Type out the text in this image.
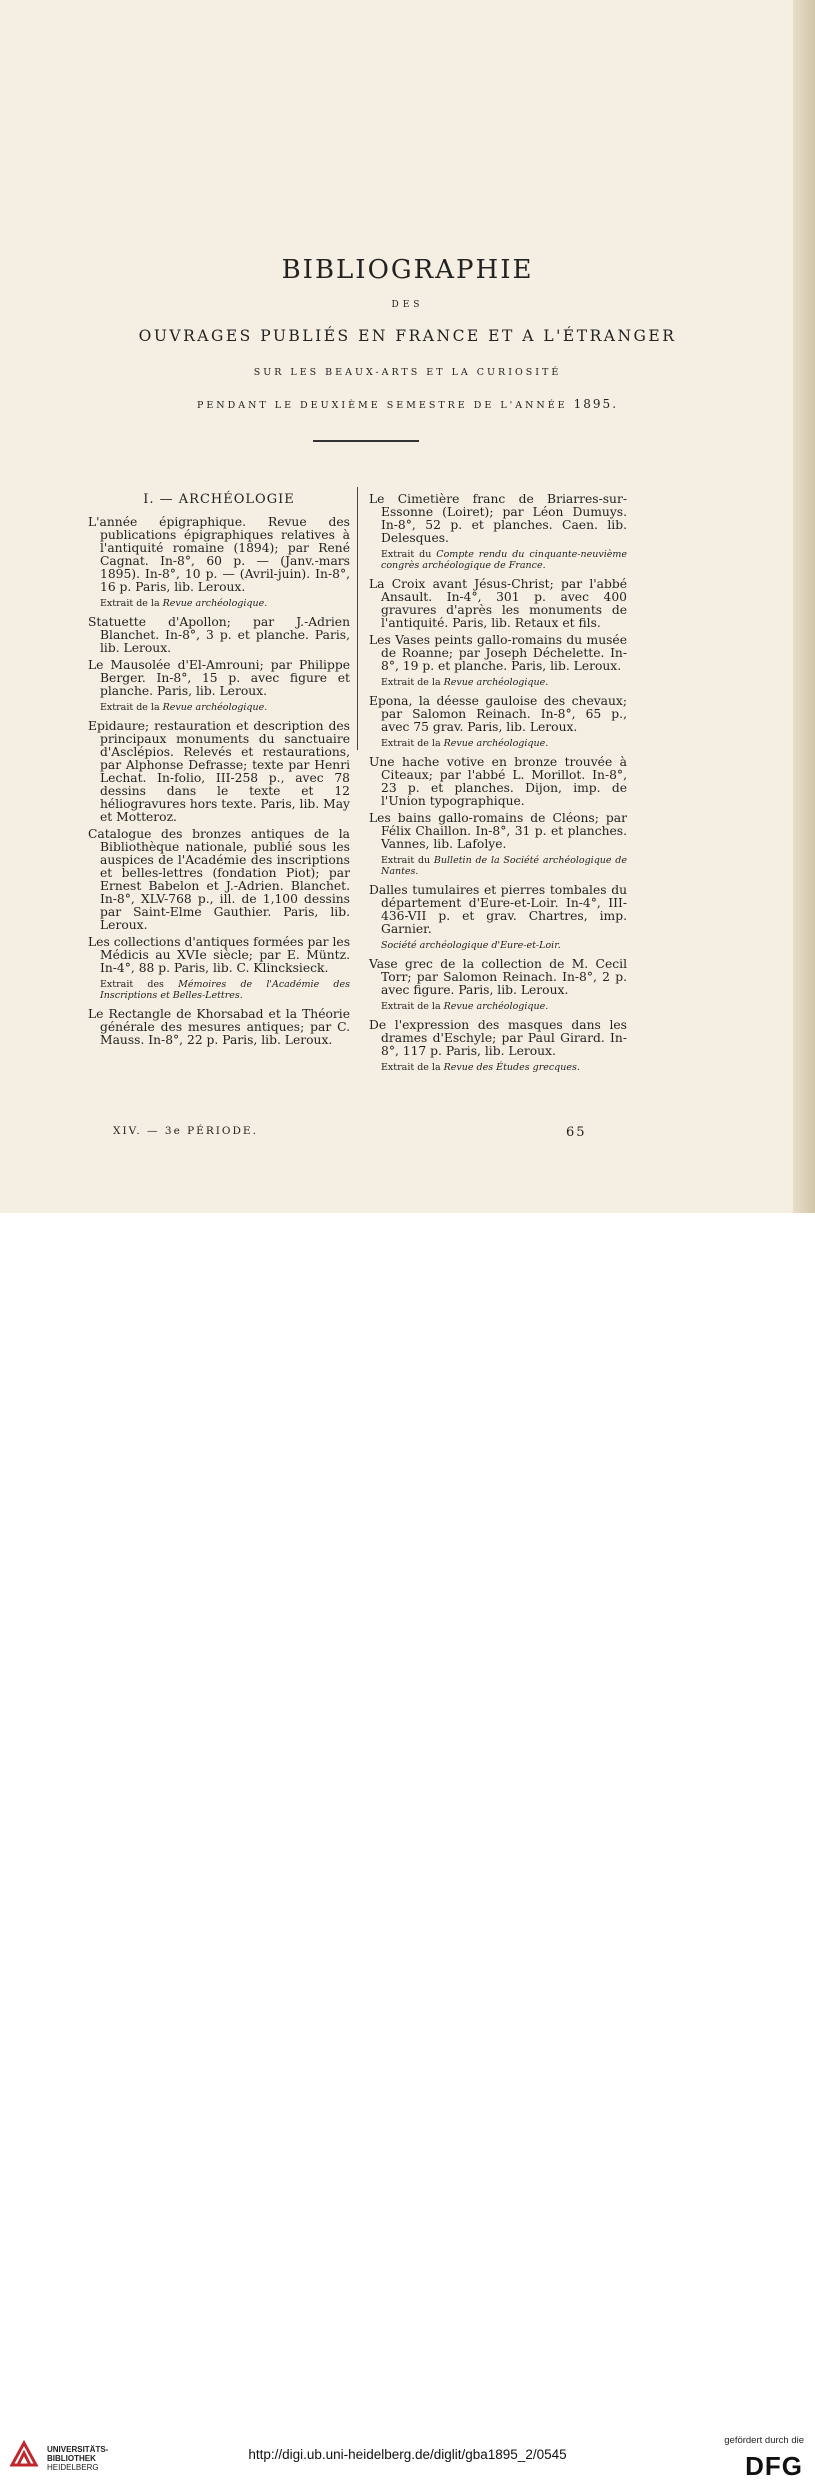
BIBLIOGRAPHIE

DES

OUVRAGES PUBLIÉS EN FRANCE ET A L'ÉTRANGER

SUR LES BEAUX-ARTS ET LA CURIOSITÉ

PENDANT LE DEUXIÈME SEMESTRE DE L'ANNÉE 1895.

I. — ARCHÉOLOGIE

L'année épigraphique. Revue des publications épigraphiques relatives à l'antiquité romaine (1894); par René Cagnat. In-8°, 60 p. — (Janv.-mars 1895). In-8°, 10 p. — (Avril-juin). In-8°, 16 p. Paris, lib. Leroux.

Extrait de la Revue archéologique.

Statuette d'Apollon; par J.-Adrien Blanchet. In-8°, 3 p. et planche. Paris, lib. Leroux.

Le Mausolée d'El-Amrouni; par Philippe Berger. In-8°, 15 p. avec figure et planche. Paris, lib. Leroux.

Extrait de la Revue archéologique.

Epidaure; restauration et description des principaux monuments du sanctuaire d'Asclépios. Relevés et restaurations, par Alphonse Defrasse; texte par Henri Lechat. In-folio, III-258 p., avec 78 dessins dans le texte et 12 héliogravures hors texte. Paris, lib. May et Motteroz.

Catalogue des bronzes antiques de la Bibliothèque nationale, publié sous les auspices de l'Académie des inscriptions et belles-lettres (fondation Piot); par Ernest Babelon et J.-Adrien. Blanchet. In-8°, XLV-768 p., ill. de 1,100 dessins par Saint-Elme Gauthier. Paris, lib. Leroux.

Les collections d'antiques formées par les Médicis au XVIe siècle; par E. Müntz. In-4°, 88 p. Paris, lib. C. Klincksieck.

Extrait des Mémoires de l'Académie des Inscriptions et Belles-Lettres.

Le Rectangle de Khorsabad et la Théorie générale des mesures antiques; par C. Mauss. In-8°, 22 p. Paris, lib. Leroux.

Le Cimetière franc de Briarres-sur-Essonne (Loiret); par Léon Dumuys. In-8°, 52 p. et planches. Caen. lib. Delesques.

Extrait du Compte rendu du cinquante-neuvième congrès archéologique de France.

La Croix avant Jésus-Christ; par l'abbé Ansault. In-4°, 301 p. avec 400 gravures d'après les monuments de l'antiquité. Paris, lib. Retaux et fils.

Les Vases peints gallo-romains du musée de Roanne; par Joseph Déchelette. In-8°, 19 p. et planche. Paris, lib. Leroux.

Extrait de la Revue archéologique.

Epona, la déesse gauloise des chevaux; par Salomon Reinach. In-8°, 65 p., avec 75 grav. Paris, lib. Leroux.

Extrait de la Revue archéologique.

Une hache votive en bronze trouvée à Citeaux; par l'abbé L. Morillot. In-8°, 23 p. et planches. Dijon, imp. de l'Union typographique.

Les bains gallo-romains de Cléons; par Félix Chaillon. In-8°, 31 p. et planches. Vannes, lib. Lafolye.

Extrait du Bulletin de la Société archéologique de Nantes.

Dalles tumulaires et pierres tombales du département d'Eure-et-Loir. In-4°, III-436-VII p. et grav. Chartres, imp. Garnier.

Société archéologique d'Eure-et-Loir.

Vase grec de la collection de M. Cecil Torr; par Salomon Reinach. In-8°, 2 p. avec figure. Paris, lib. Leroux.

Extrait de la Revue archéologique.

De l'expression des masques dans les drames d'Eschyle; par Paul Girard. In-8°, 117 p. Paris, lib. Leroux.

Extrait de la Revue des Études grecques.

XIV. — 3e PÉRIODE.	65

UNIVERSITÄTS-
BIBLIOTHEK
HEIDELBERG

http://digi.ub.uni-heidelberg.de/diglit/gba1895_2/0545

gefördert durch die

DFG
